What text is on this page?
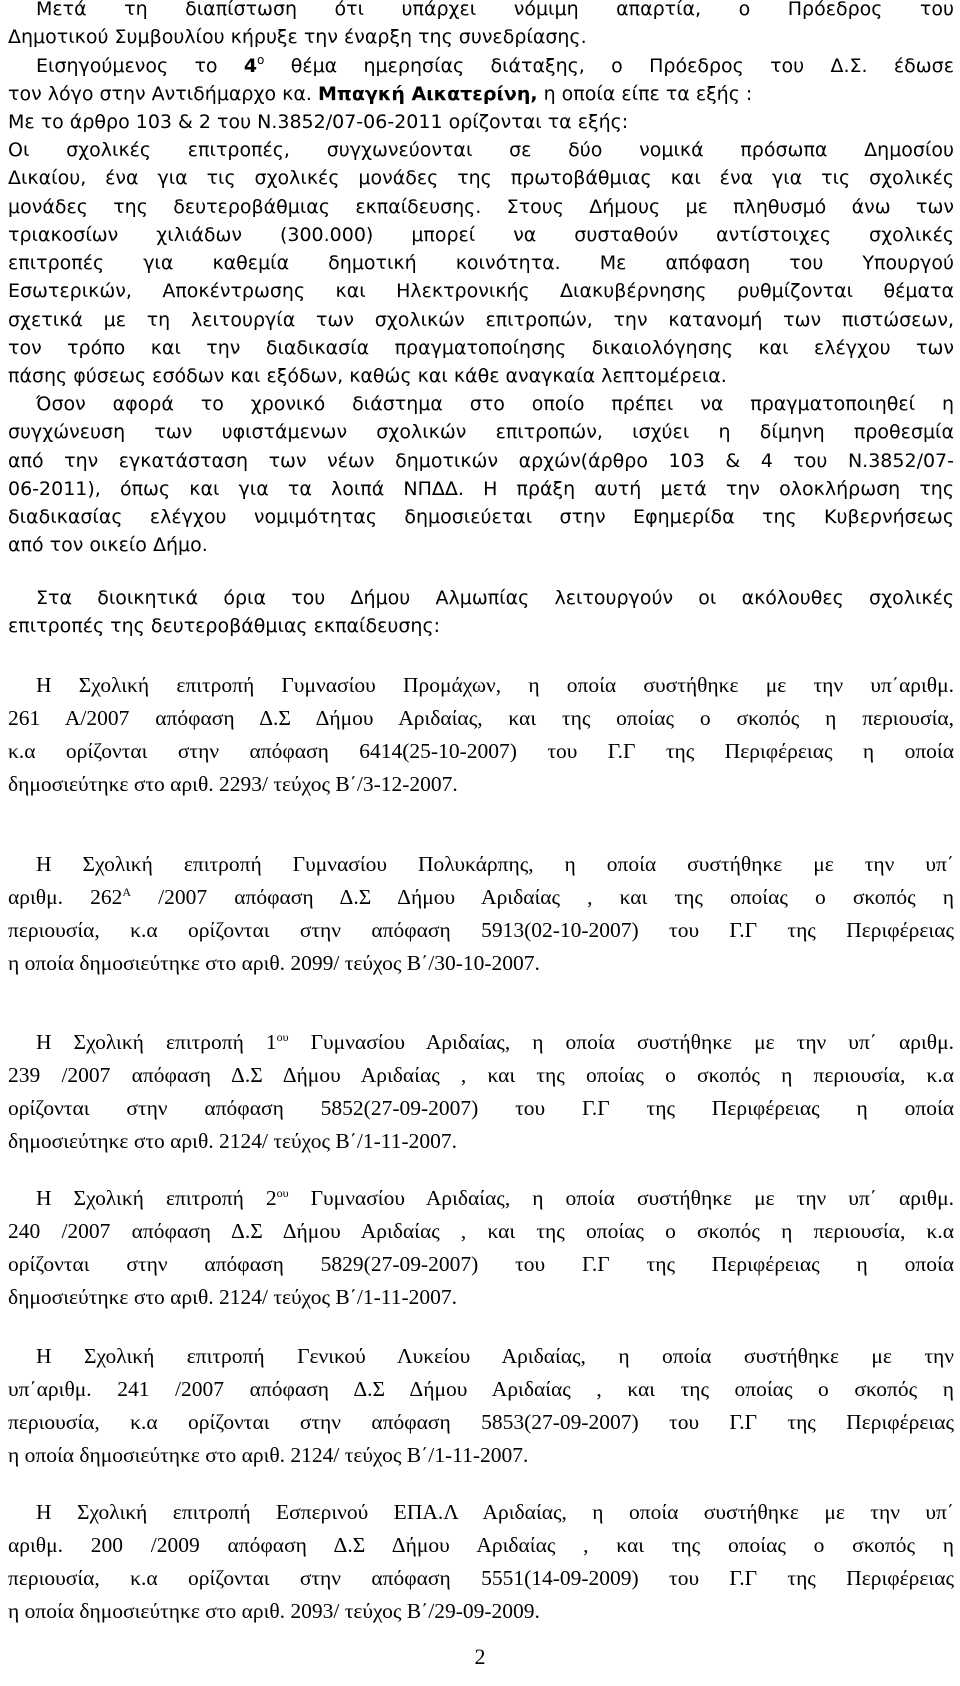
Μετά τη διαπίστωση ότι υπάρχει νόμιμη απαρτία, ο Πρόεδρος του
Δημοτικού Συμβουλίου κήρυξε την έναρξη της συνεδρίασης.
Εισηγούμενος το $4^o$ θέμα ημερησίας διάταξης, ο Πρόεδρος του Δ.Σ. έδωσε
τον λόγο στην Αντιδήμαρχο κα. Μπαγκή Αικατερίνη, η οποία είπε τα εξής :
Με το άρθρο 103 & 2 του Ν.3852/07-06-2011 ορίζονται τα εξής:
Οι σχολικές επιτροπές, συγχωνεύονται σε δύο νομικά πρόσωπα Δημοσίου
Δικαίου, ένα για τις σχολικές μονάδες της πρωτοβάθμιας και ένα για τις σχολικές
μονάδες της δευτεροβάθμιας εκπαίδευσης. Στους Δήμους με πληθυσμό άνω των
τριακοσίων χιλιάδων (300.000) μπορεί να συσταθούν αντίστοιχες σχολικές
επιτροπές για καθεμία δημοτική κοινότητα. Με απόφαση του Υπουργού
Εσωτερικών, Αποκέντρωσης και Ηλεκτρονικής Διακυβέρνησης ρυθμίζονται θέματα
σχετικά με τη λειτουργία των σχολικών επιτροπών, την κατανομή των πιστώσεων,
τον τρόπο και την διαδικασία πραγματοποίησης δικαιολόγησης και ελέγχου των
πάσης φύσεως εσόδων και εξόδων, καθώς και κάθε αναγκαία λεπτομέρεια.
Όσον αφορά το χρονικό διάστημα στο οποίο πρέπει να πραγματοποιηθεί η
συγχώνευση των υφιστάμενων σχολικών επιτροπών, ισχύει η δίμηνη προθεσμία
από την εγκατάσταση των νέων δημοτικών αρχών(άρθρο 103 & 4 του Ν.3852/07-
06-2011), όπως και για τα λοιπά ΝΠΔΔ. Η πράξη αυτή μετά την ολοκλήρωση της
διαδικασίας ελέγχου νομιμότητας δημοσιεύεται στην Εφημερίδα της Κυβερνήσεως
από τον οικείο Δήμο.
Στα διοικητικά όρια του Δήμου Αλμωπίας λειτουργούν οι ακόλουθες σχολικές
επιτροπές της δευτεροβάθμιας εκπαίδευσης:
Η Σχολική επιτροπή Γυμνασίου Προμάχων, η οποία συστήθηκε με την υπ΄αριθμ.
261 Α/2007 απόφαση Δ.Σ Δήμου Αριδαίας, και της οποίας ο σκοπός η περιουσία,
κ.α ορίζονται στην απόφαση 6414(25-10-2007) του Γ.Γ της Περιφέρειας η οποία
δημοσιεύτηκε στο αριθ. 2293/ τεύχος Β΄/3-12-2007.
Η Σχολική επιτροπή Γυμνασίου Πολυκάρπης, η οποία συστήθηκε με την υπ΄
αριθμ. $262^A$ /2007 απόφαση Δ.Σ Δήμου Αριδαίας , και της οποίας ο σκοπός η
περιουσία, κ.α ορίζονται στην απόφαση 5913(02-10-2007) του Γ.Γ της Περιφέρειας
η οποία δημοσιεύτηκε στο αριθ. 2099/ τεύχος Β΄/30-10-2007.
Η Σχολική επιτροπή $1^{o\upsilon}$ Γυμνασίου Αριδαίας, η οποία συστήθηκε με την υπ΄ αριθμ.
239 /2007 απόφαση Δ.Σ Δήμου Αριδαίας , και της οποίας ο σκοπός η περιουσία, κ.α
ορίζονται στην απόφαση 5852(27-09-2007) του Γ.Γ της Περιφέρειας η οποία
δημοσιεύτηκε στο αριθ. 2124/ τεύχος Β΄/1-11-2007.
Η Σχολική επιτροπή $2^{o\upsilon}$ Γυμνασίου Αριδαίας, η οποία συστήθηκε με την υπ΄ αριθμ.
240 /2007 απόφαση Δ.Σ Δήμου Αριδαίας , και της οποίας ο σκοπός η περιουσία, κ.α
ορίζονται στην απόφαση 5829(27-09-2007) του Γ.Γ της Περιφέρειας η οποία
δημοσιεύτηκε στο αριθ. 2124/ τεύχος Β΄/1-11-2007.
Η Σχολική επιτροπή Γενικού Λυκείου Αριδαίας, η οποία συστήθηκε με την
υπ΄αριθμ. 241 /2007 απόφαση Δ.Σ Δήμου Αριδαίας , και της οποίας ο σκοπός η
περιουσία, κ.α ορίζονται στην απόφαση 5853(27-09-2007) του Γ.Γ της Περιφέρειας
η οποία δημοσιεύτηκε στο αριθ. 2124/ τεύχος Β΄/1-11-2007.
Η Σχολική επιτροπή Εσπερινού ΕΠΑ.Λ Αριδαίας, η οποία συστήθηκε με την υπ΄
αριθμ. 200 /2009 απόφαση Δ.Σ Δήμου Αριδαίας , και της οποίας ο σκοπός η
περιουσία, κ.α ορίζονται στην απόφαση 5551(14-09-2009) του Γ.Γ της Περιφέρειας
η οποία δημοσιεύτηκε στο αριθ. 2093/ τεύχος Β΄/29-09-2009.
2
